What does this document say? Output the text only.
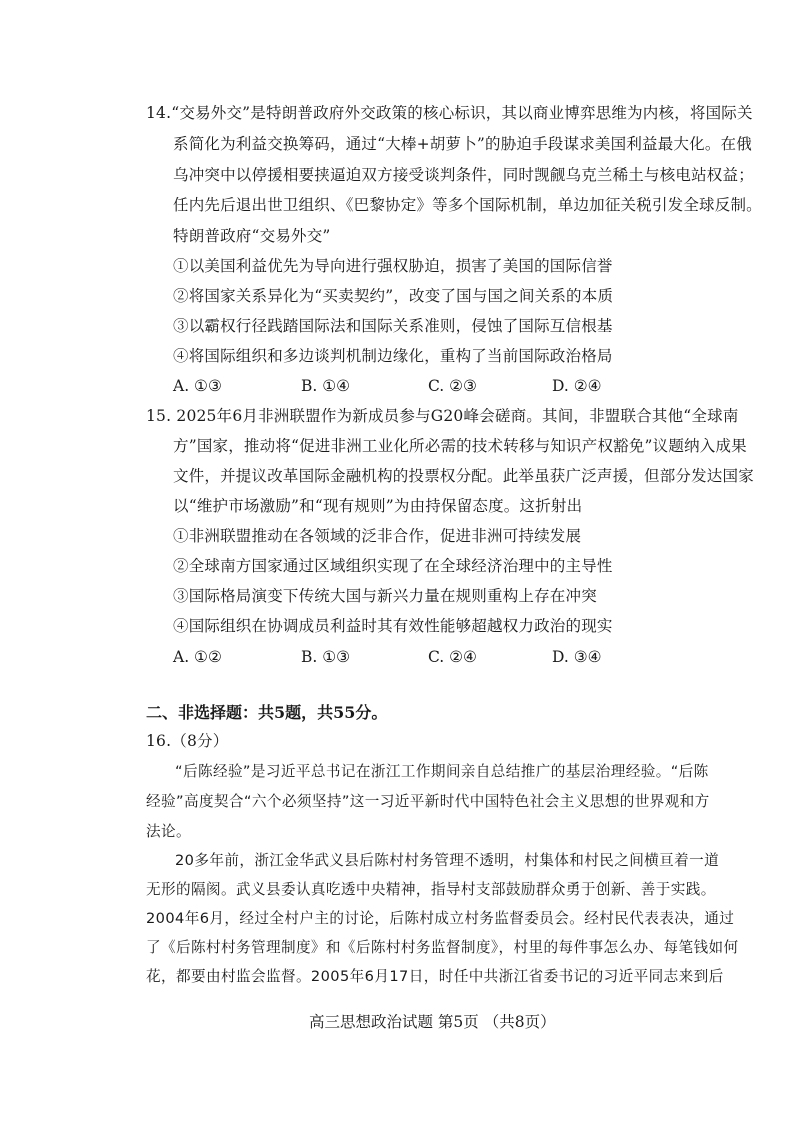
14.“交易外交”是特朗普政府外交政策的核心标识，其以商业博弈思维为内核，将国际关
系简化为利益交换筹码，通过“大棒+胡萝卜”的胁迫手段谋求美国利益最大化。在俄
乌冲突中以停援相要挟逼迫双方接受谈判条件，同时觊觎乌克兰稀土与核电站权益；
任内先后退出世卫组织、《巴黎协定》等多个国际机制，单边加征关税引发全球反制。
特朗普政府“交易外交”
①以美国利益优先为导向进行强权胁迫，损害了美国的国际信誉
②将国家关系异化为“买卖契约”，改变了国与国之间关系的本质
③以霸权行径践踏国际法和国际关系准则，侵蚀了国际互信根基
④将国际组织和多边谈判机制边缘化，重构了当前国际政治格局
A. ①③	B. ①④	C. ②③	D. ②④
15. 2025年6月非洲联盟作为新成员参与G20峰会磋商。其间，非盟联合其他“全球南
方”国家，推动将“促进非洲工业化所必需的技术转移与知识产权豁免”议题纳入成果
文件，并提议改革国际金融机构的投票权分配。此举虽获广泛声援，但部分发达国家
以“维护市场激励”和“现有规则”为由持保留态度。这折射出
①非洲联盟推动在各领域的泛非合作，促进非洲可持续发展
②全球南方国家通过区域组织实现了在全球经济治理中的主导性
③国际格局演变下传统大国与新兴力量在规则重构上存在冲突
④国际组织在协调成员利益时其有效性能够超越权力政治的现实
A. ①②	B. ①③	C. ②④	D. ③④
二、非选择题：共5题，共55分。
16.（8分）
“后陈经验”是习近平总书记在浙江工作期间亲自总结推广的基层治理经验。“后陈
经验”高度契合“六个必须坚持”这一习近平新时代中国特色社会主义思想的世界观和方
法论。
20多年前，浙江金华武义县后陈村村务管理不透明，村集体和村民之间横亘着一道
无形的隔阂。武义县委认真吃透中央精神，指导村支部鼓励群众勇于创新、善于实践。
2004年6月，经过全村户主的讨论，后陈村成立村务监督委员会。经村民代表表决，通过
了《后陈村村务管理制度》和《后陈村村务监督制度》，村里的每件事怎么办、每笔钱如何
花，都要由村监会监督。2005年6月17日，时任中共浙江省委书记的习近平同志来到后
高三思想政治试题 第5页 （共8页）
